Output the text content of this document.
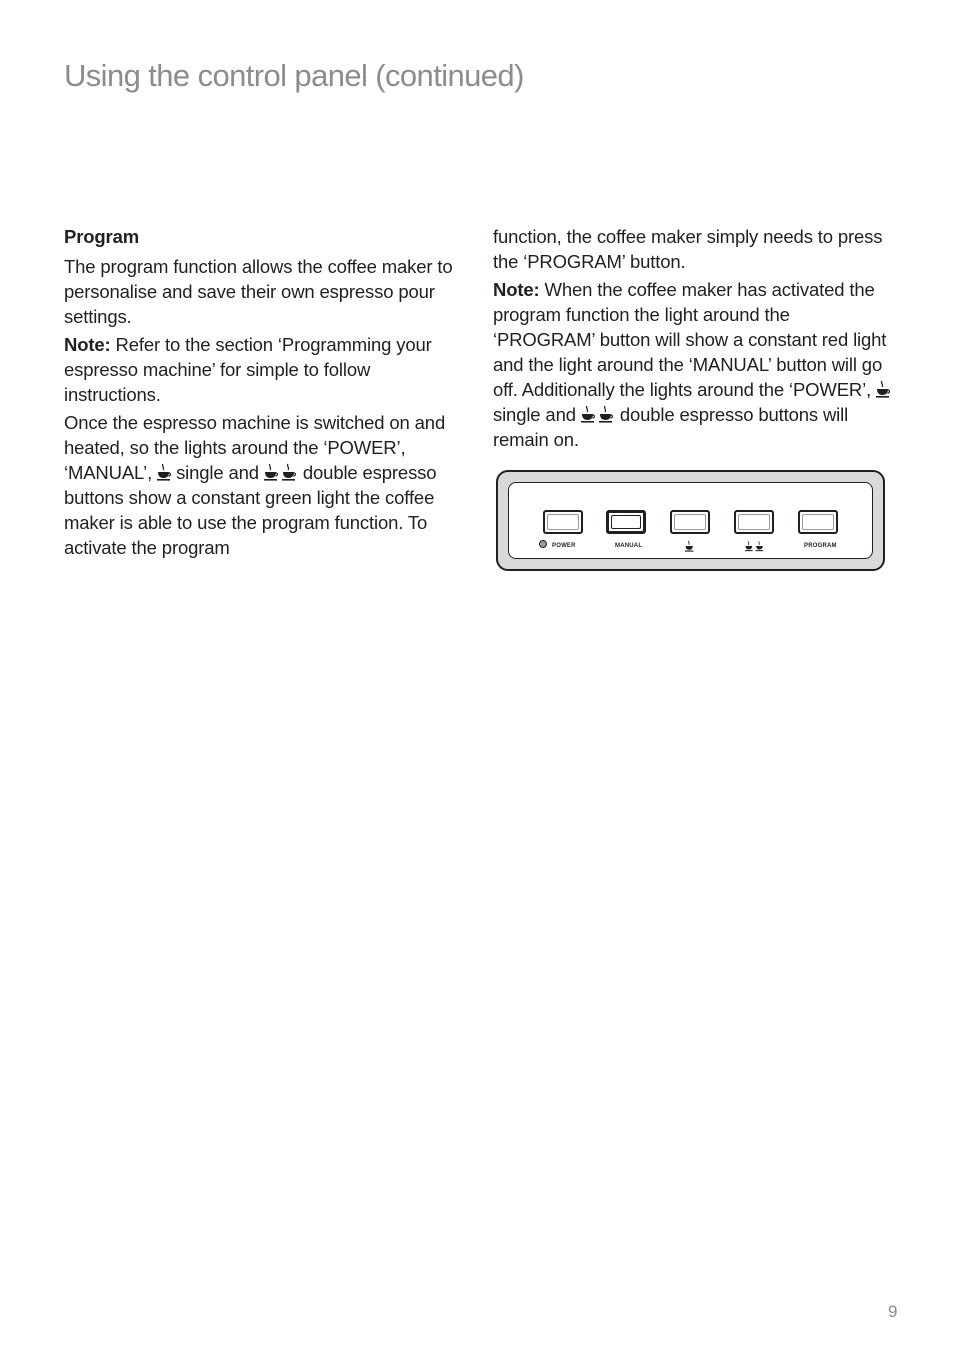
Using the control panel (continued)
Program

The program function allows the coffee maker to personalise and save their own espresso pour settings.

Note: Refer to the section ‘Programming your espresso machine’ for simple to follow instructions.

Once the espresso machine is switched on and heated, so the lights around the ‘POWER’, ‘MANUAL’,
single and
double espresso buttons show a constant green light the coffee maker is able to use the program function. To activate the program

function, the coffee maker simply needs to press the ‘PROGRAM’ button.

Note: When the coffee maker has activated the program function the light around the ‘PROGRAM’ button will show a constant red light and the light around the ‘MANUAL’ button will go off. Additionally the lights around the ‘POWER’,
single and
double espresso buttons will remain on.

POWER	MANUAL	PROGRAM
9
